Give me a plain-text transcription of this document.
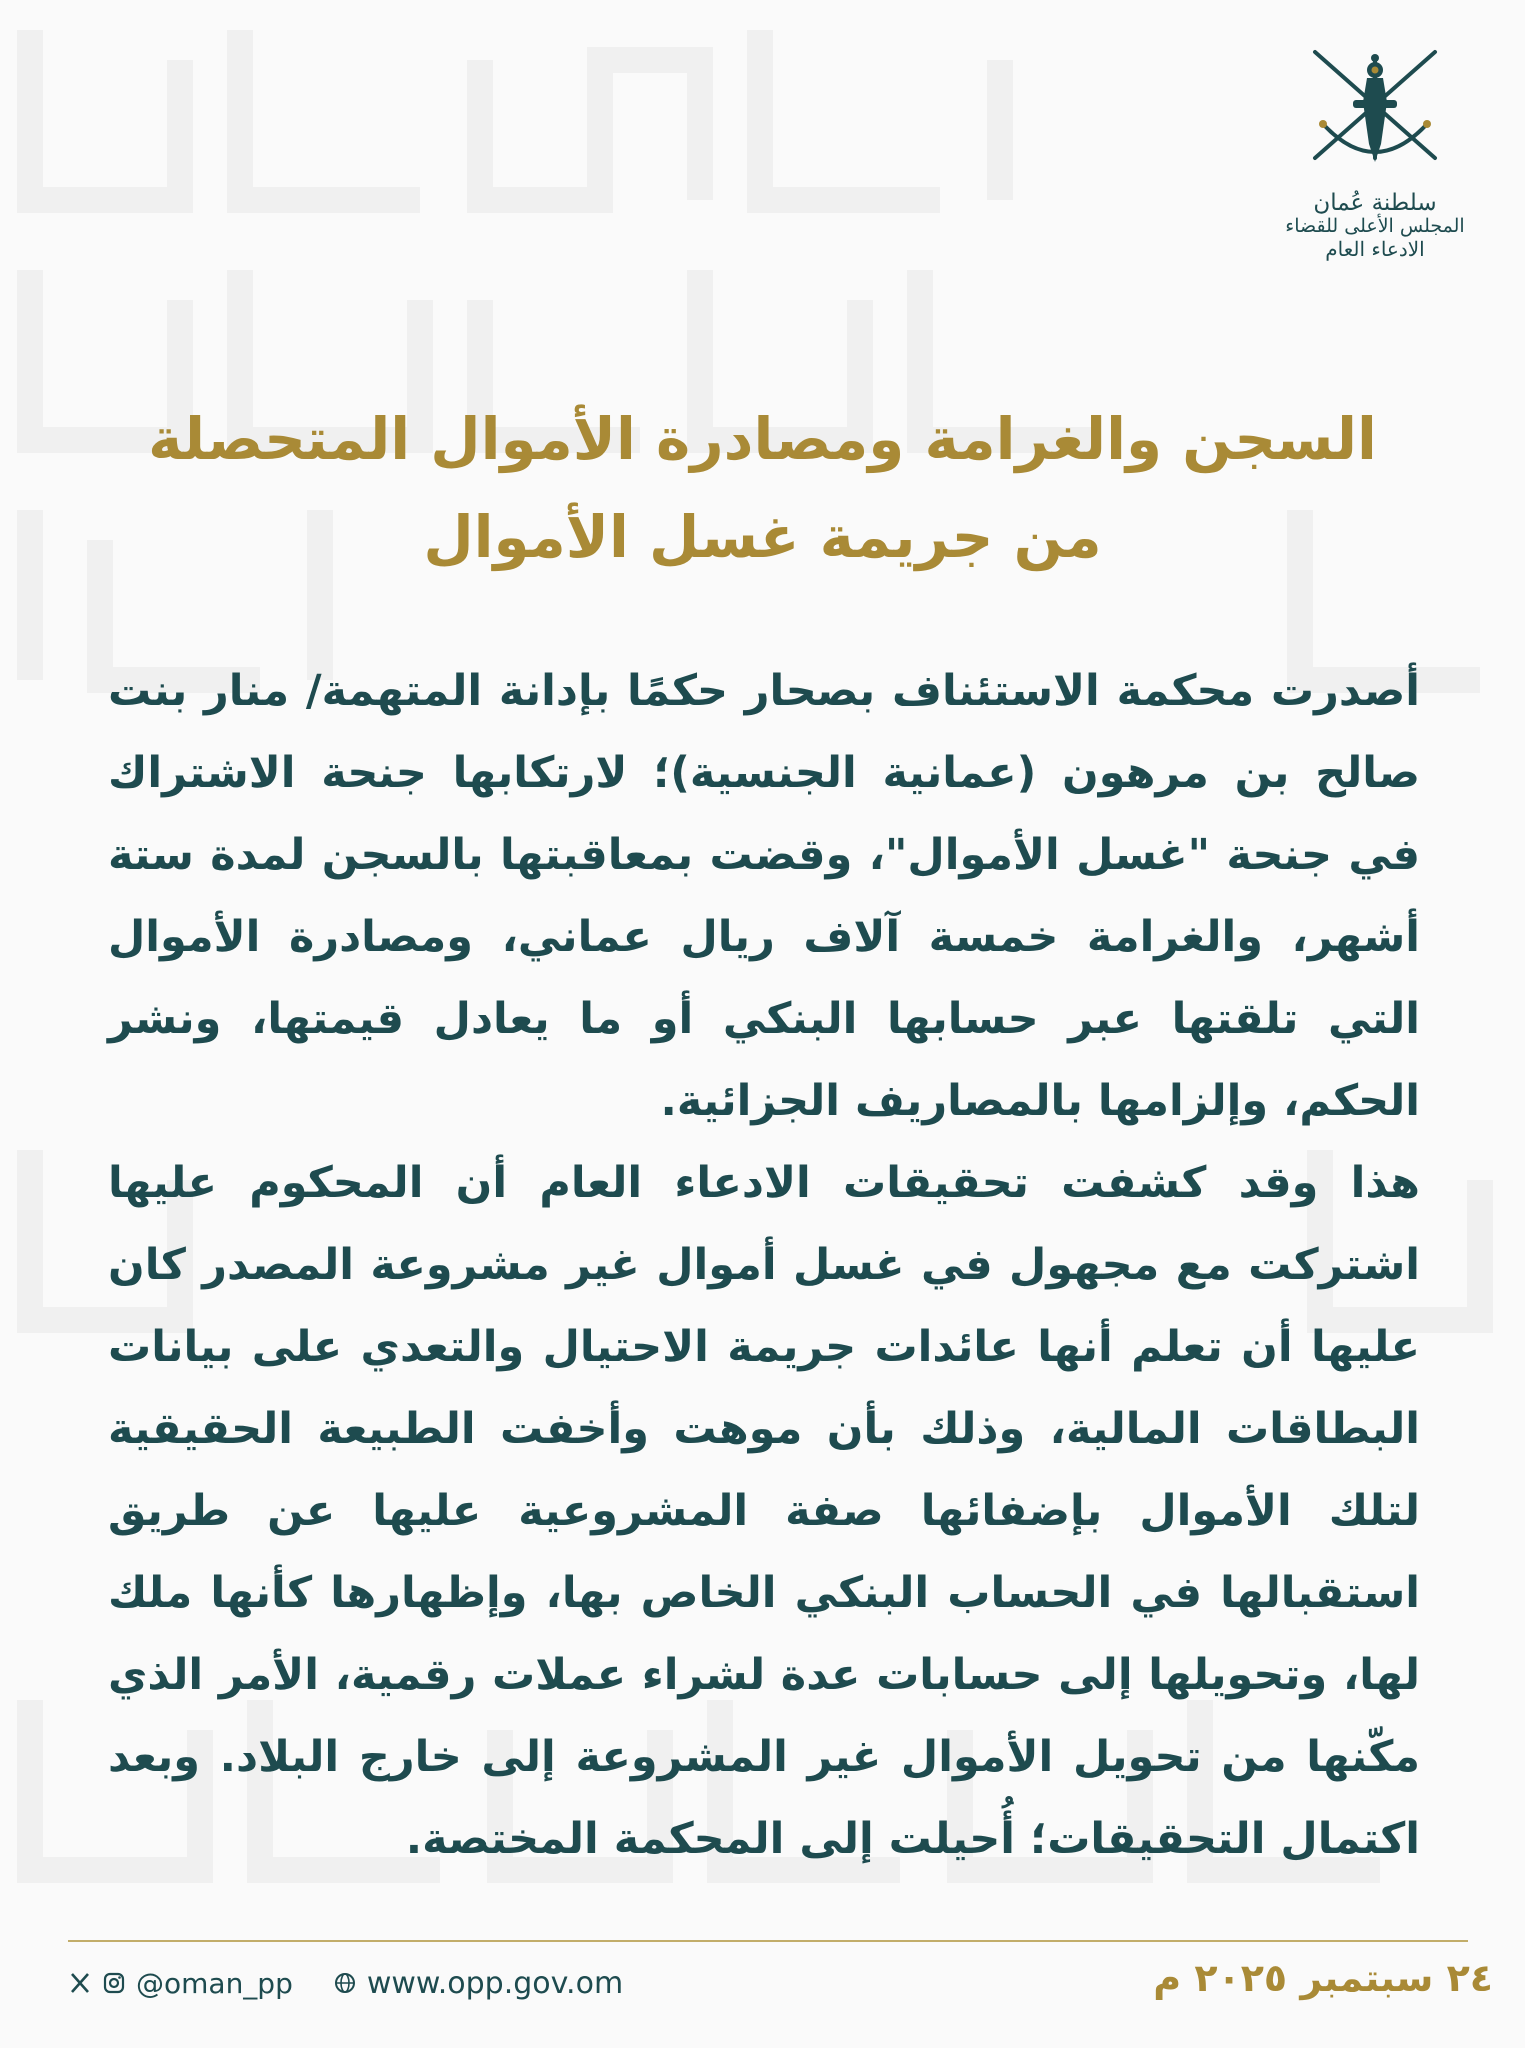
سلطنة عُمان
المجلس الأعلى للقضاء
الادعاء العام
السجن والغرامة ومصادرة الأموال المتحصلة
من جريمة غسل الأموال

أصدرت محكمة الاستئناف بصحار حكمًا بإدانة المتهمة/ منار بنت صالح بن مرهون (عمانية الجنسية)؛ لارتكابها جنحة الاشتراك في جنحة "غسل الأموال"، وقضت بمعاقبتها بالسجن لمدة ستة أشهر، والغرامة خمسة آلاف ريال عماني، ومصادرة الأموال التي تلقتها عبر حسابها البنكي أو ما يعادل قيمتها، ونشر الحكم، وإلزامها بالمصاريف الجزائية.

هذا وقد كشفت تحقيقات الادعاء العام أن المحكوم عليها اشتركت مع مجهول في غسل أموال غير مشروعة المصدر كان عليها أن تعلم أنها عائدات جريمة الاحتيال والتعدي على بيانات البطاقات المالية، وذلك بأن موهت وأخفت الطبيعة الحقيقية لتلك الأموال بإضفائها صفة المشروعية عليها عن طريق استقبالها في الحساب البنكي الخاص بها، وإظهارها كأنها ملك لها، وتحويلها إلى حسابات عدة لشراء عملات رقمية، الأمر الذي مكّنها من تحويل الأموال غير المشروعة إلى خارج البلاد. وبعد اكتمال التحقيقات؛ أُحيلت إلى المحكمة المختصة.

@oman_pp www.opp.gov.om	٢٤ سبتمبر ٢٠٢٥ م
